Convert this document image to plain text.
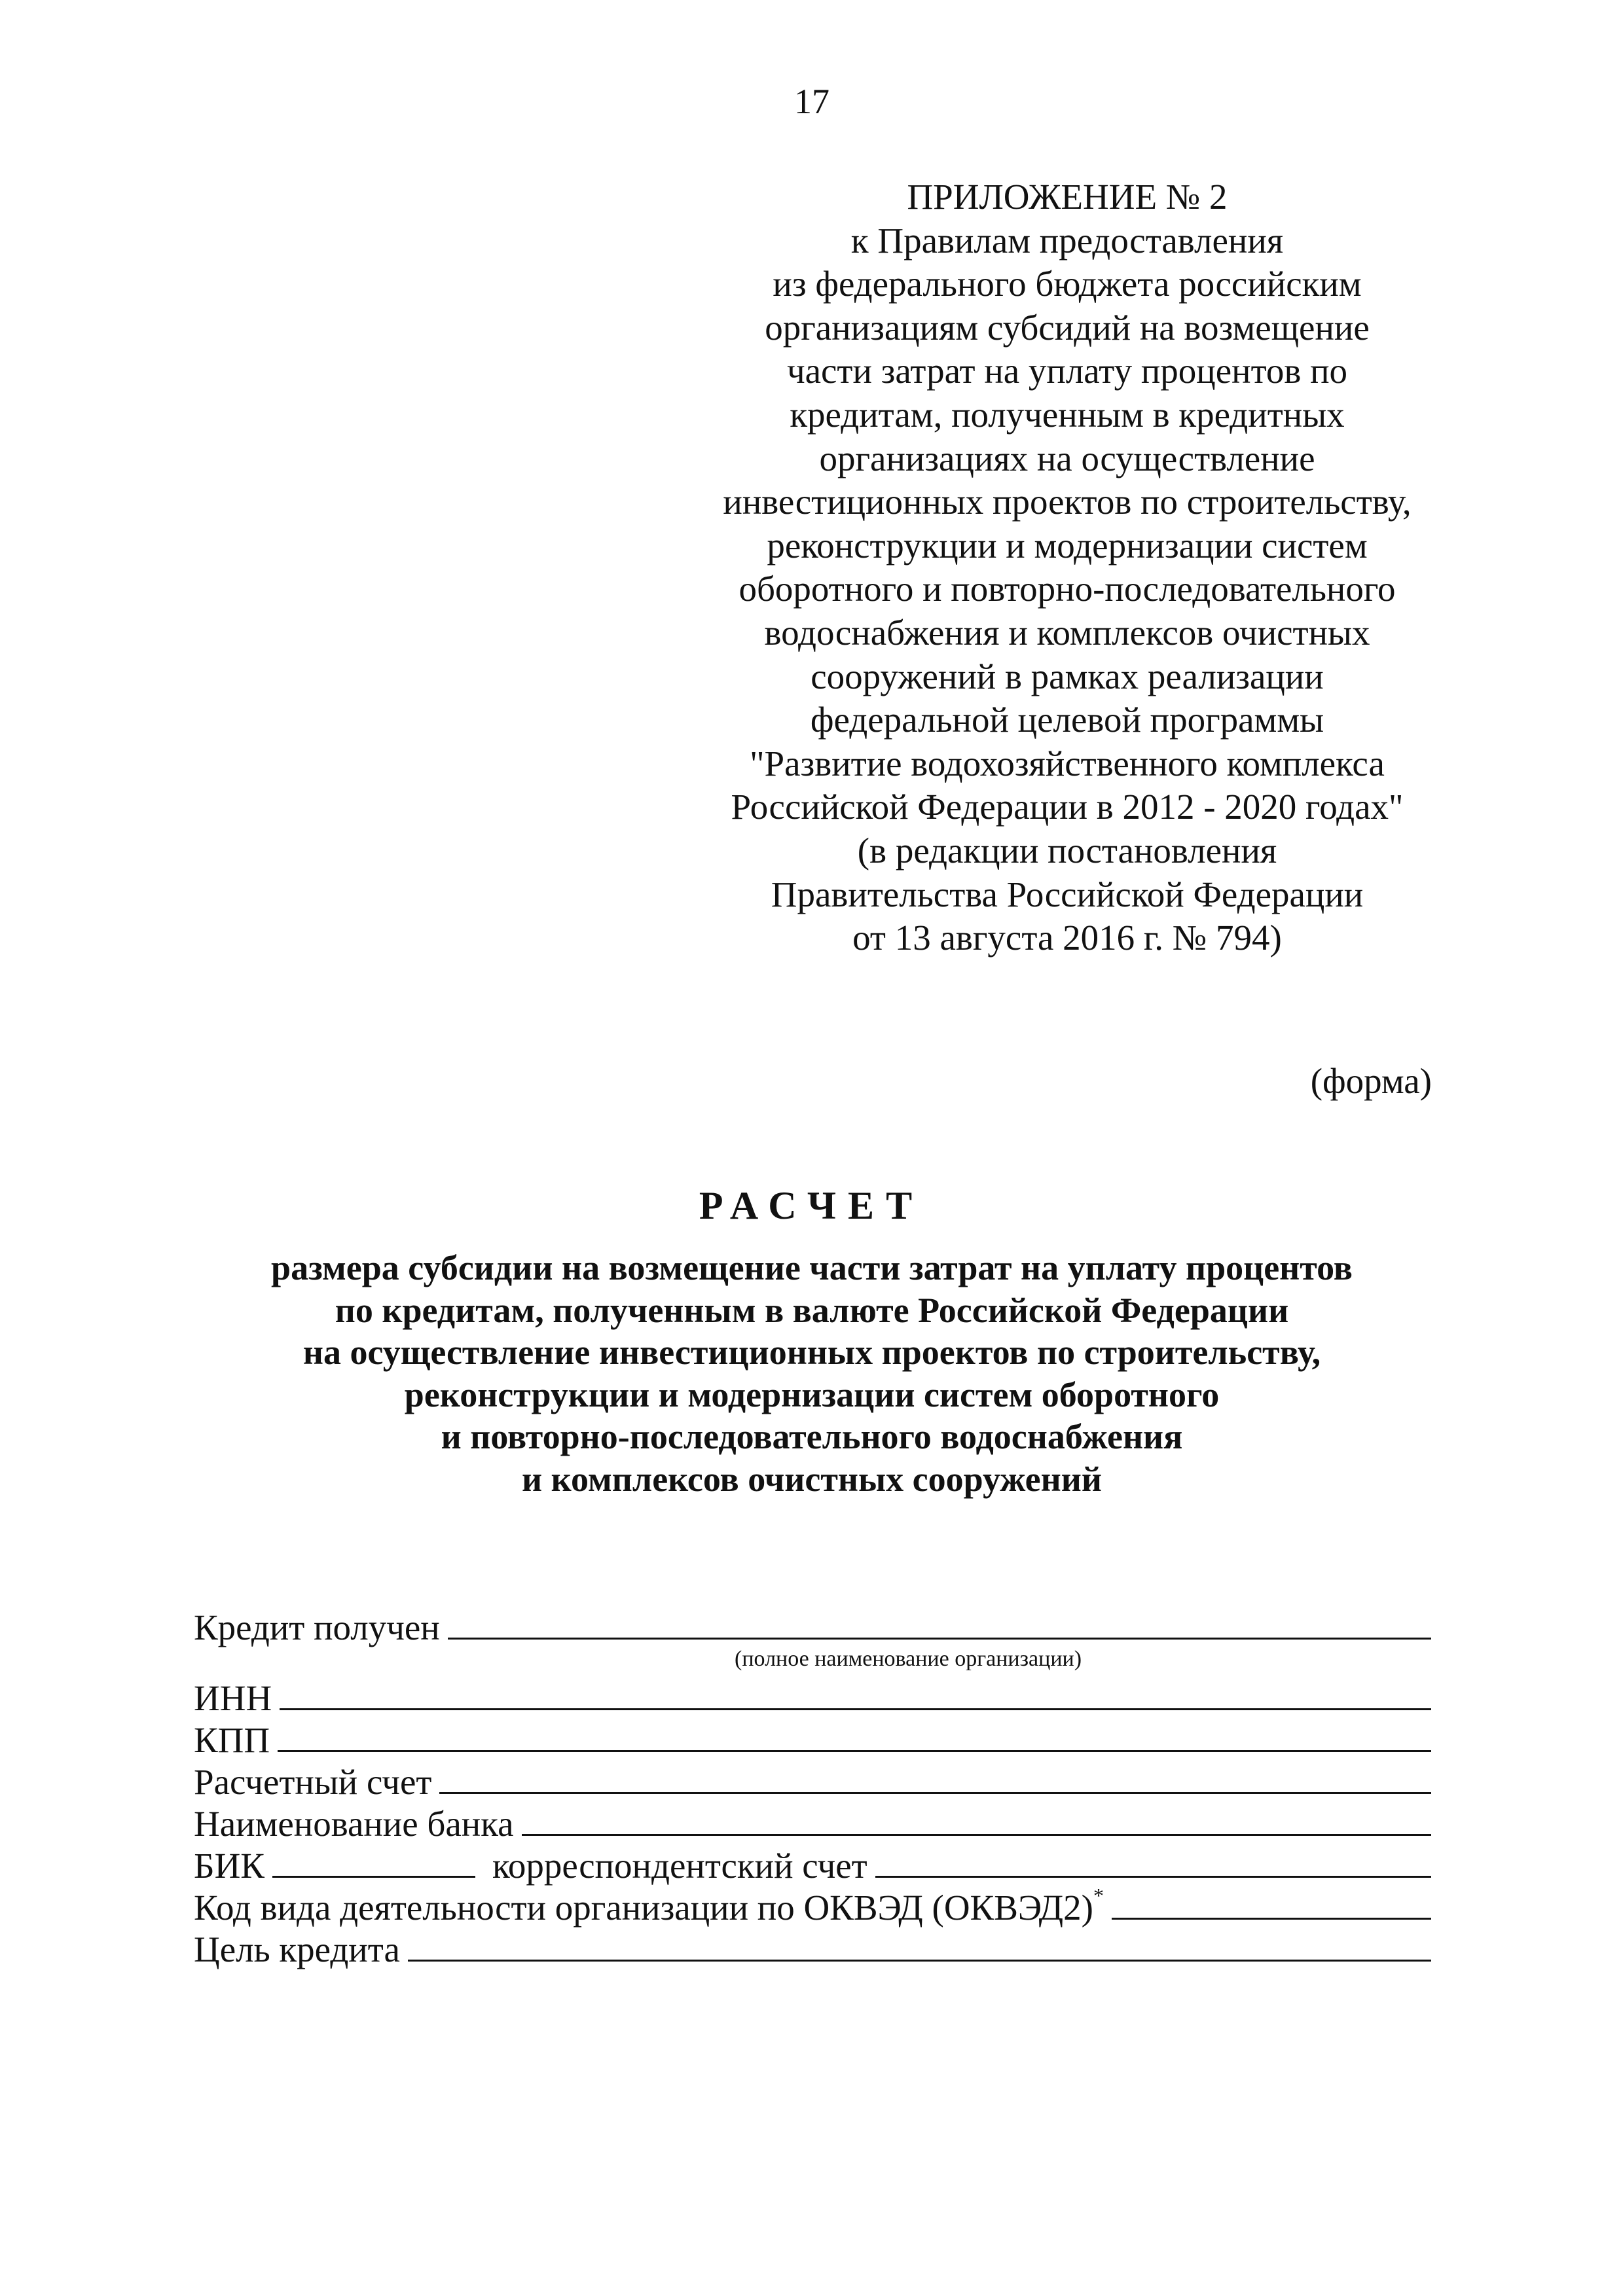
17
ПРИЛОЖЕНИЕ № 2
к Правилам предоставления
из федерального бюджета российским
организациям субсидий на возмещение
части затрат на уплату процентов по
кредитам, полученным в кредитных
организациях на осуществление
инвестиционных проектов по строительству,
реконструкции и модернизации систем
оборотного и повторно-последовательного
водоснабжения и комплексов очистных
сооружений в рамках реализации
федеральной целевой программы
"Развитие водохозяйственного комплекса
Российской Федерации в 2012 - 2020 годах"
(в редакции постановления
Правительства Российской Федерации
от 13 августа 2016 г. № 794)
(форма)
РАСЧЕТ
размера субсидии на возмещение части затрат на уплату процентов
по кредитам, полученным в валюте Российской Федерации
на осуществление инвестиционных проектов по строительству,
реконструкции и модернизации систем оборотного
и повторно-последовательного водоснабжения
и комплексов очистных сооружений
Кредит получен
(полное наименование организации)
ИНН
КПП
Расчетный счет
Наименование банка
БИК	корреспондентский счет
Код вида деятельности организации по ОКВЭД (ОКВЭД2)*
Цель кредита
